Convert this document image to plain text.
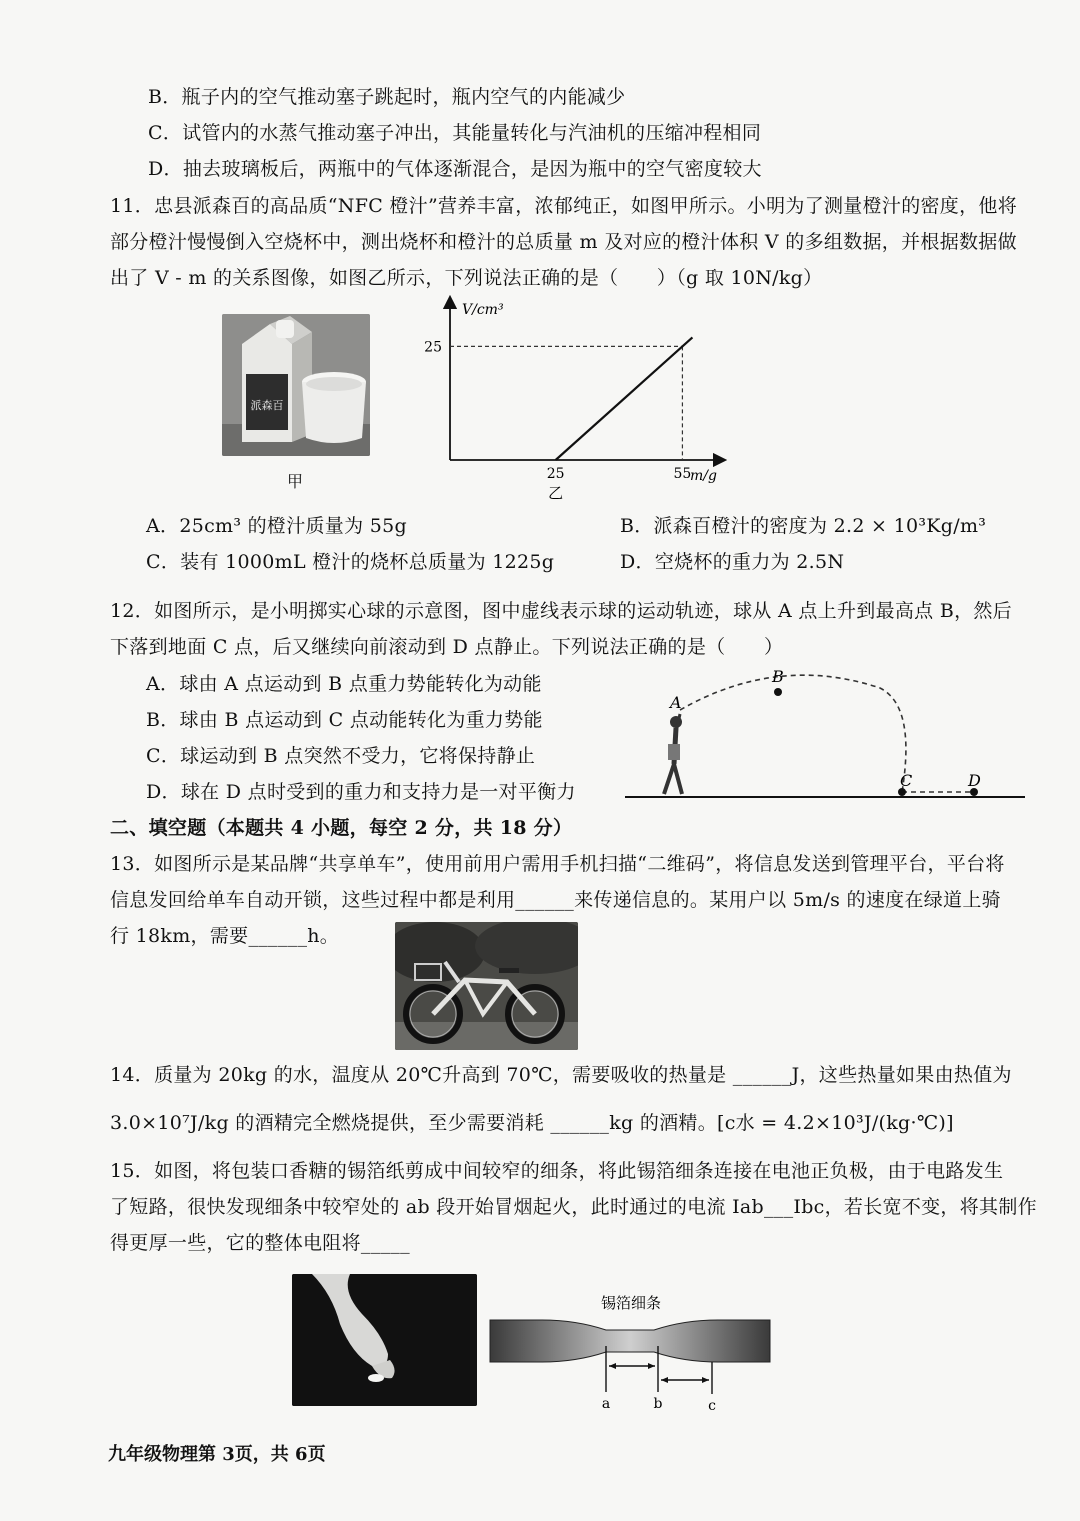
B．瓶子内的空气推动塞子跳起时，瓶内空气的内能减少
C．试管内的水蒸气推动塞子冲出，其能量转化与汽油机的压缩冲程相同
D．抽去玻璃板后，两瓶中的气体逐渐混合，是因为瓶中的空气密度较大
11．忠县派森百的高品质“NFC 橙汁”营养丰富，浓郁纯正，如图甲所示。小明为了测量橙汁的密度，他将
部分橙汁慢慢倒入空烧杯中，测出烧杯和橙汁的总质量 m 及对应的橙汁体积 V 的多组数据，并根据数据做
出了 V - m 的关系图像，如图乙所示，下列说法正确的是（　　）（g 取 10N/kg）
派森百
甲
V/cm³
m/g
25
25	55
乙
A．25cm³ 的橙汁质量为 55g	B．派森百橙汁的密度为 2.2 × 10³Kg/m³
C．装有 1000mL 橙汁的烧杯总质量为 1225g	D．空烧杯的重力为 2.5N
12．如图所示，是小明掷实心球的示意图，图中虚线表示球的运动轨迹，球从 A 点上升到最高点 B，然后
下落到地面 C 点，后又继续向前滚动到 D 点静止。下列说法正确的是（　　）
A．球由 A 点运动到 B 点重力势能转化为动能
B．球由 B 点运动到 C 点动能转化为重力势能
C．球运动到 B 点突然不受力，它将保持静止
D．球在 D 点时受到的重力和支持力是一对平衡力
A
B
C	D
二、填空题（本题共 4 小题，每空 2 分，共 18 分）
13．如图所示是某品牌“共享单车”，使用前用户需用手机扫描“二维码”，将信息发送到管理平台，平台将
信息发回给单车自动开锁，这些过程中都是利用______来传递信息的。某用户以 5m/s 的速度在绿道上骑
行 18km，需要______h。
14．质量为 20kg 的水，温度从 20℃升高到 70℃，需要吸收的热量是 ______J，这些热量如果由热值为
3.0×10⁷J/kg 的酒精完全燃烧提供，至少需要消耗 ______kg 的酒精。[c水 = 4.2×10³J/(kg·℃)]
15．如图，将包装口香糖的锡箔纸剪成中间较窄的细条，将此锡箔细条连接在电池正负极，由于电路发生
了短路，很快发现细条中较窄处的 ab 段开始冒烟起火，此时通过的电流 Iab___Ibc，若长宽不变，将其制作
得更厚一些，它的整体电阻将_____
锡箔细条
a	b	c
九年级物理第 3页，共 6页
